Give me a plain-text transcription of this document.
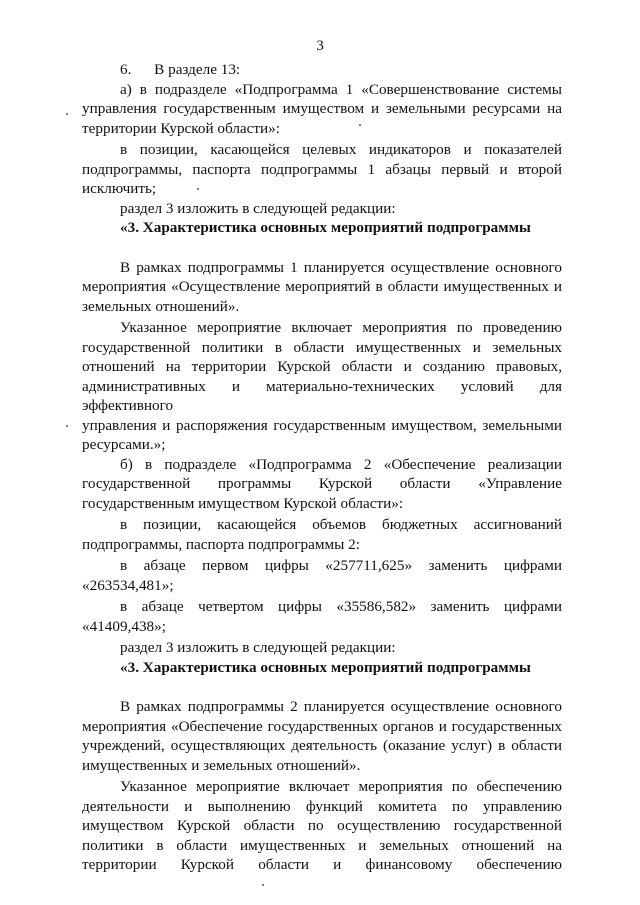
3

6.      В разделе 13:

а) в подразделе «Подпрограмма 1 «Совершенствование системы

управления государственным имуществом и земельными ресурсами на

территории Курской области»:

в позиции, касающейся целевых индикаторов и показателей

подпрограммы, паспорта подпрограммы 1 абзацы первый и второй

исключить;

раздел 3 изложить в следующей редакции:

«3. Характеристика основных мероприятий подпрограммы

В рамках подпрограммы 1 планируется осуществление основного

мероприятия «Осуществление мероприятий в области имущественных и

земельных отношений».

Указанное мероприятие включает мероприятия по проведению

государственной политики в области имущественных и земельных

отношений на территории Курской области и созданию правовых,

административных и материально-технических условий для эффективного

управления и распоряжения государственным имуществом, земельными

ресурсами.»;

б) в подразделе «Подпрограмма 2 «Обеспечение реализации

государственной программы Курской области «Управление

государственным имуществом Курской области»:

в позиции, касающейся объемов бюджетных ассигнований

подпрограммы, паспорта подпрограммы 2:

в абзаце первом цифры «257711,625» заменить цифрами

«263534,481»;

в абзаце четвертом цифры «35586,582» заменить цифрами

«41409,438»;

раздел 3 изложить в следующей редакции:

«3. Характеристика основных мероприятий подпрограммы

В рамках подпрограммы 2 планируется осуществление основного

мероприятия «Обеспечение государственных органов и государственных

учреждений, осуществляющих деятельность (оказание услуг) в области

имущественных и земельных отношений».

Указанное мероприятие включает мероприятия по обеспечению

деятельности и выполнению функций комитета по управлению

имуществом Курской области по осуществлению государственной

политики в области имущественных и земельных отношений на

территории Курской области и финансовому обеспечению
